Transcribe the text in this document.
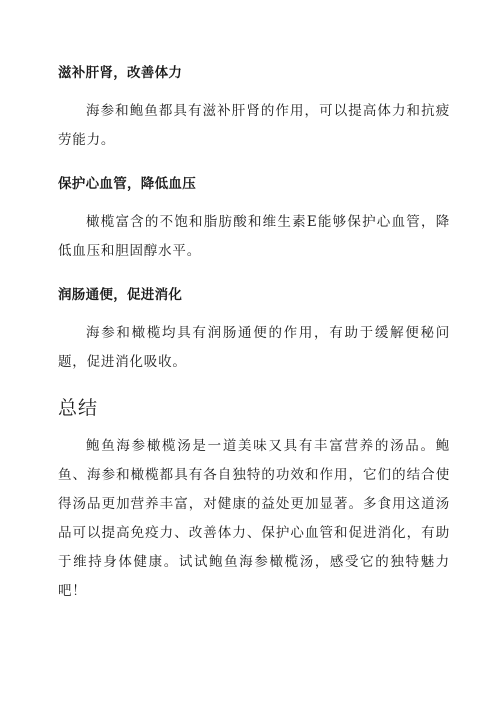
滋补肝肾，改善体力
海参和鲍鱼都具有滋补肝肾的作用，可以提高体力和抗疲劳能力。
保护心血管，降低血压
橄榄富含的不饱和脂肪酸和维生素E能够保护心血管，降低血压和胆固醇水平。
润肠通便，促进消化
海参和橄榄均具有润肠通便的作用，有助于缓解便秘问题，促进消化吸收。
总结
鲍鱼海参橄榄汤是一道美味又具有丰富营养的汤品。鲍鱼、海参和橄榄都具有各自独特的功效和作用，它们的结合使得汤品更加营养丰富，对健康的益处更加显著。多食用这道汤品可以提高免疫力、改善体力、保护心血管和促进消化，有助于维持身体健康。试试鲍鱼海参橄榄汤，感受它的独特魅力吧！
